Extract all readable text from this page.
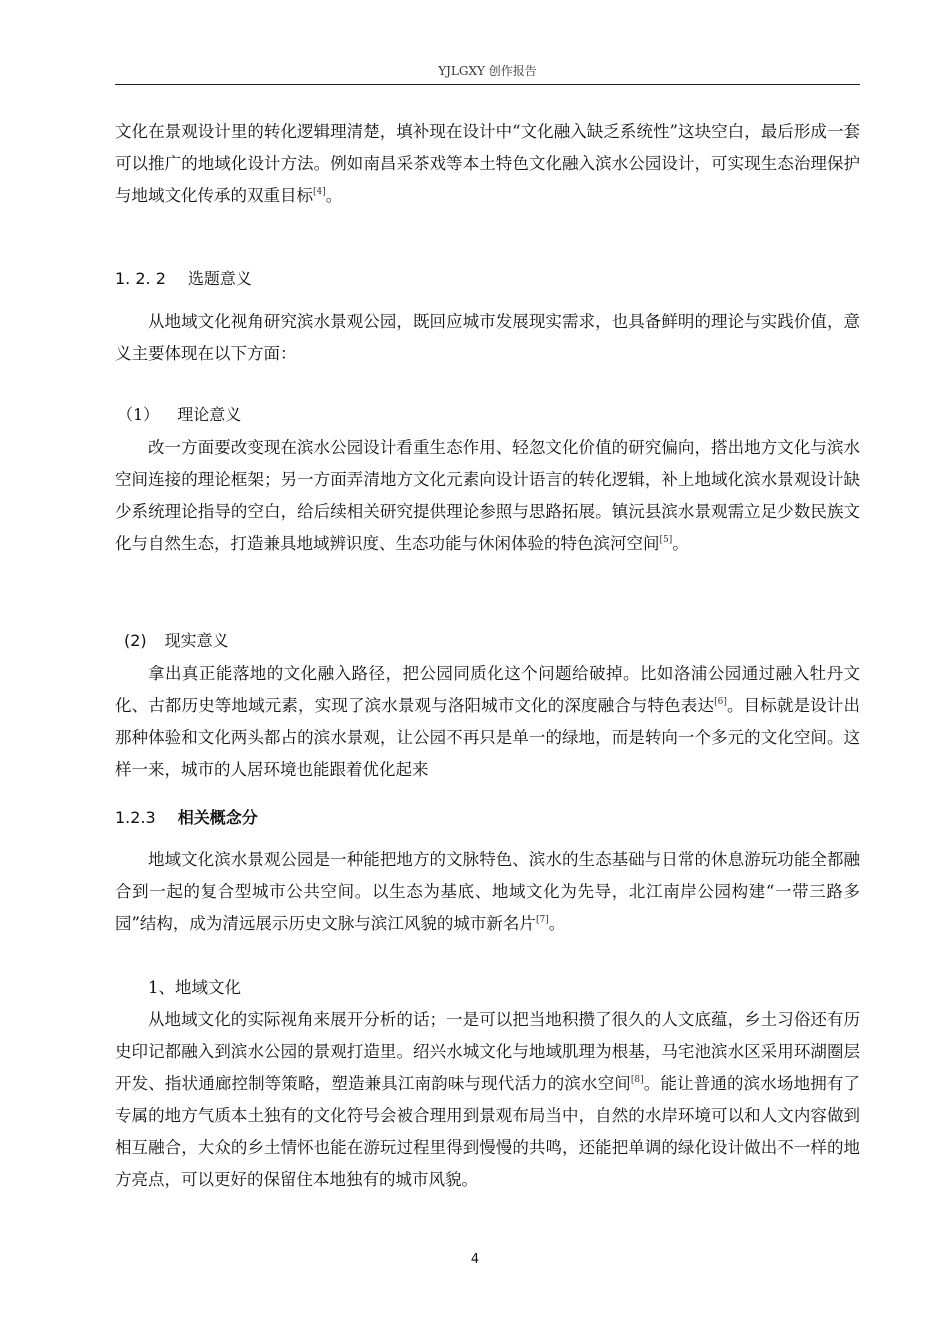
YJLGXY 创作报告

文化在景观设计里的转化逻辑理清楚，填补现在设计中“文化融入缺乏系统性”这块空白，最后形成一套可以推广的地域化设计方法。例如南昌采茶戏等本土特色文化融入滨水公园设计，可实现生态治理保护与地域文化传承的双重目标[4]。

1. 2. 2 选题意义

从地域文化视角研究滨水景观公园，既回应城市发展现实需求，也具备鲜明的理论与实践价值，意义主要体现在以下方面：

（1） 理论意义

改一方面要改变现在滨水公园设计看重生态作用、轻忽文化价值的研究偏向，搭出地方文化与滨水空间连接的理论框架；另一方面弄清地方文化元素向设计语言的转化逻辑，补上地域化滨水景观设计缺少系统理论指导的空白，给后续相关研究提供理论参照与思路拓展。镇沅县滨水景观需立足少数民族文化与自然生态，打造兼具地域辨识度、生态功能与休闲体验的特色滨河空间[5]。

(2) 现实意义

拿出真正能落地的文化融入路径，把公园同质化这个问题给破掉。比如洛浦公园通过融入牡丹文化、古都历史等地域元素，实现了滨水景观与洛阳城市文化的深度融合与特色表达[6]。目标就是设计出那种体验和文化两头都占的滨水景观，让公园不再只是单一的绿地，而是转向一个多元的文化空间。这样一来，城市的人居环境也能跟着优化起来

1.2.3 相关概念分

地域文化滨水景观公园是一种能把地方的文脉特色、滨水的生态基础与日常的休息游玩功能全都融合到一起的复合型城市公共空间。以生态为基底、地域文化为先导，北江南岸公园构建“一带三路多园”结构，成为清远展示历史文脉与滨江风貌的城市新名片[7]。

1、地域文化

从地域文化的实际视角来展开分析的话；一是可以把当地积攒了很久的人文底蕴，乡土习俗还有历史印记都融入到滨水公园的景观打造里。绍兴水城文化与地域肌理为根基，马宅池滨水区采用环湖圈层开发、指状通廊控制等策略，塑造兼具江南韵味与现代活力的滨水空间[8]。能让普通的滨水场地拥有了专属的地方气质本土独有的文化符号会被合理用到景观布局当中，自然的水岸环境可以和人文内容做到相互融合，大众的乡土情怀也能在游玩过程里得到慢慢的共鸣，还能把单调的绿化设计做出不一样的地方亮点，可以更好的保留住本地独有的城市风貌。

4
